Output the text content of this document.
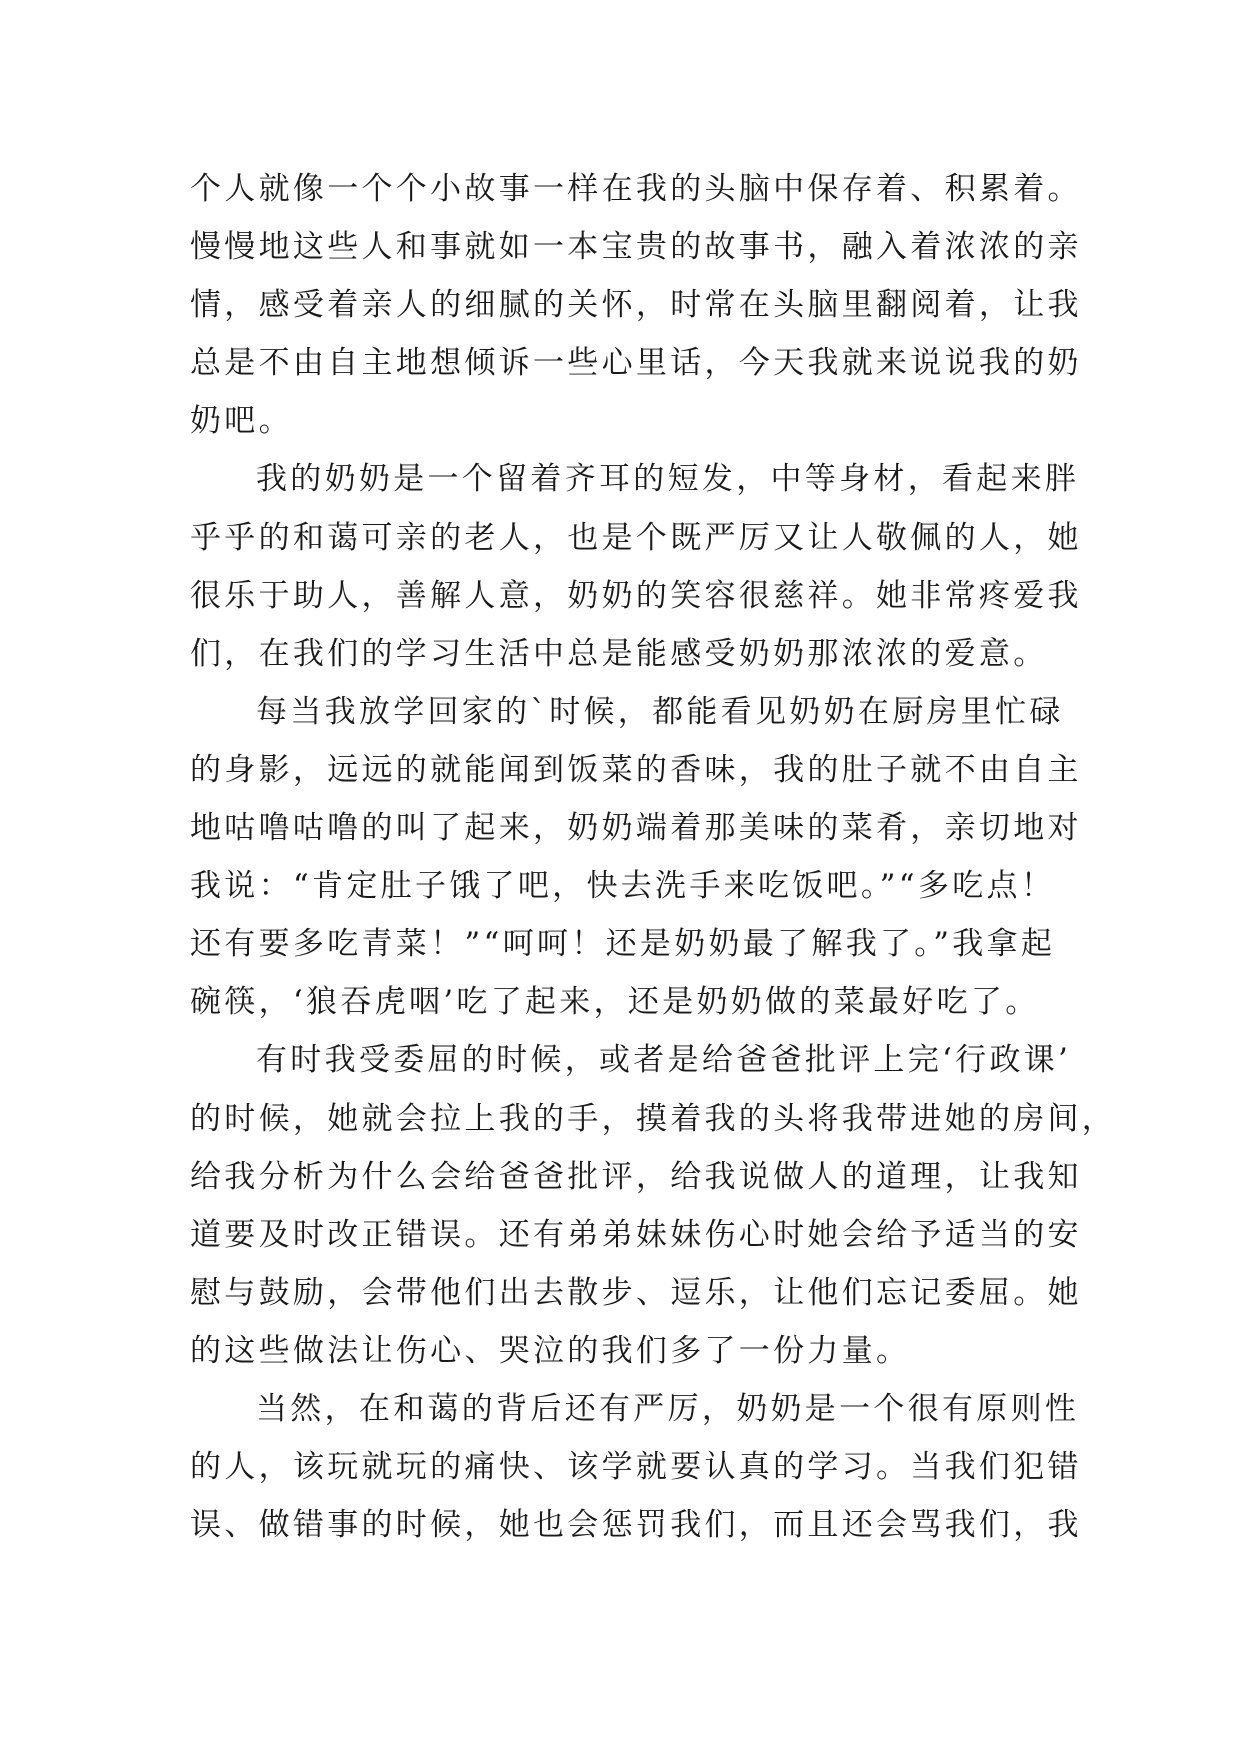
个人就像一个个小故事一样在我的头脑中保存着、积累着。
慢慢地这些人和事就如一本宝贵的故事书，融入着浓浓的亲
情，感受着亲人的细腻的关怀，时常在头脑里翻阅着，让我
总是不由自主地想倾诉一些心里话，今天我就来说说我的奶
奶吧。
我的奶奶是一个留着齐耳的短发，中等身材，看起来胖
乎乎的和蔼可亲的老人，也是个既严厉又让人敬佩的人，她
很乐于助人，善解人意，奶奶的笑容很慈祥。她非常疼爱我
们，在我们的学习生活中总是能感受奶奶那浓浓的爱意。
每当我放学回家的`时候，都能看见奶奶在厨房里忙碌
的身影，远远的就能闻到饭菜的香味，我的肚子就不由自主
地咕噜咕噜的叫了起来，奶奶端着那美味的菜肴，亲切地对
我说：“肯定肚子饿了吧，快去洗手来吃饭吧。”“多吃点！
还有要多吃青菜！”“呵呵！还是奶奶最了解我了。”我拿起
碗筷，‘狼吞虎咽’吃了起来，还是奶奶做的菜最好吃了。
有时我受委屈的时候，或者是给爸爸批评上完‘行政课’
的时候，她就会拉上我的手，摸着我的头将我带进她的房间，
给我分析为什么会给爸爸批评，给我说做人的道理，让我知
道要及时改正错误。还有弟弟妹妹伤心时她会给予适当的安
慰与鼓励，会带他们出去散步、逗乐，让他们忘记委屈。她
的这些做法让伤心、哭泣的我们多了一份力量。
当然，在和蔼的背后还有严厉，奶奶是一个很有原则性
的人，该玩就玩的痛快、该学就要认真的学习。当我们犯错
误、做错事的时候，她也会惩罚我们，而且还会骂我们，我
